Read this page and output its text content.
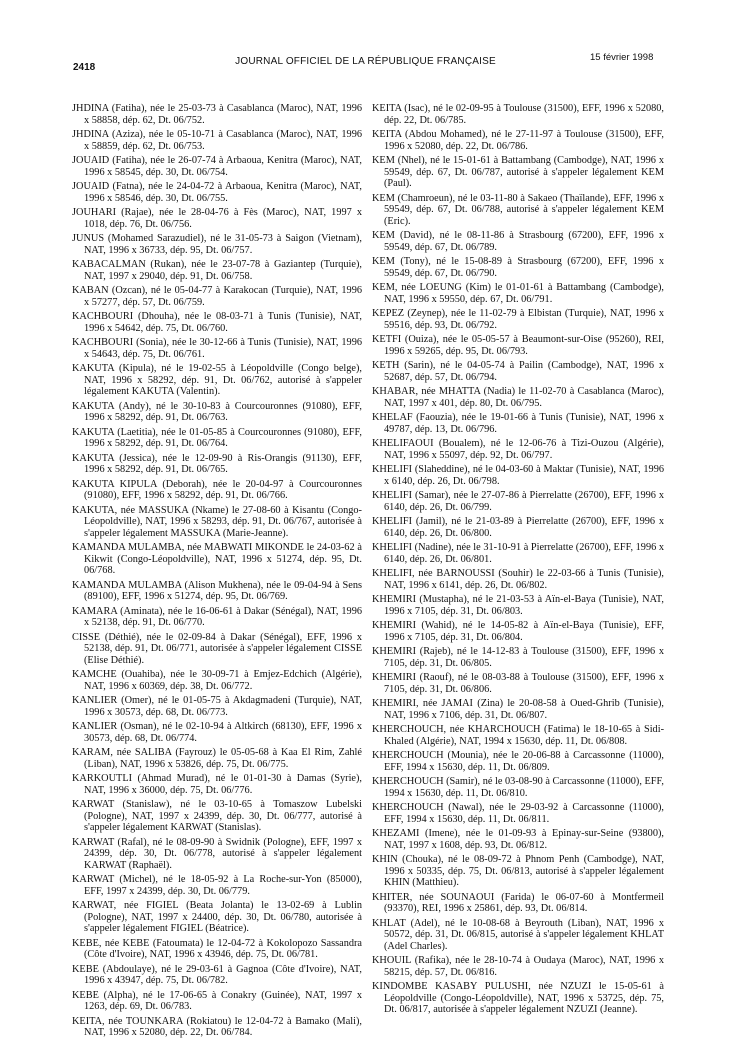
2418
JOURNAL OFFICIEL DE LA RÉPUBLIQUE FRANÇAISE	15 février 1998

JHDINA (Fatiha), née le 25-03-73 à Casablanca (Maroc), NAT, 1996 x 58858, dép. 62, Dt. 06/752.

JHDINA (Aziza), née le 05-10-71 à Casablanca (Maroc), NAT, 1996 x 58859, dép. 62, Dt. 06/753.

JOUAID (Fatiha), née le 26-07-74 à Arbaoua, Kenitra (Maroc), NAT, 1996 x 58545, dép. 30, Dt. 06/754.

JOUAID (Fatna), née le 24-04-72 à Arbaoua, Kenitra (Maroc), NAT, 1996 x 58546, dép. 30, Dt. 06/755.

JOUHARI (Rajae), née le 28-04-76 à Fès (Maroc), NAT, 1997 x 1018, dép. 76, Dt. 06/756.

JUNUS (Mohamed Sarazudiel), né le 31-05-73 à Saigon (Vietnam), NAT, 1996 x 36733, dép. 95, Dt. 06/757.

KABACALMAN (Rukan), née le 23-07-78 à Gaziantep (Turquie), NAT, 1997 x 29040, dép. 91, Dt. 06/758.

KABAN (Ozcan), né le 05-04-77 à Karakocan (Turquie), NAT, 1996 x 57277, dép. 57, Dt. 06/759.

KACHBOURI (Dhouha), née le 08-03-71 à Tunis (Tunisie), NAT, 1996 x 54642, dép. 75, Dt. 06/760.

KACHBOURI (Sonia), née le 30-12-66 à Tunis (Tunisie), NAT, 1996 x 54643, dép. 75, Dt. 06/761.

KAKUTA (Kipula), né le 19-02-55 à Léopoldville (Congo belge), NAT, 1996 x 58292, dép. 91, Dt. 06/762, autorisé à s'appeler légalement KAKUTA (Valentin).

KAKUTA (Andy), né le 30-10-83 à Courcouronnes (91080), EFF, 1996 x 58292, dép. 91, Dt. 06/763.

KAKUTA (Laetitia), née le 01-05-85 à Courcouronnes (91080), EFF, 1996 x 58292, dép. 91, Dt. 06/764.

KAKUTA (Jessica), née le 12-09-90 à Ris-Orangis (91130), EFF, 1996 x 58292, dép. 91, Dt. 06/765.

KAKUTA KIPULA (Deborah), née le 20-04-97 à Courcouronnes (91080), EFF, 1996 x 58292, dép. 91, Dt. 06/766.

KAKUTA, née MASSUKA (Nkame) le 27-08-60 à Kisantu (Congo-Léopoldville), NAT, 1996 x 58293, dép. 91, Dt. 06/767, autorisée à s'appeler légalement MASSUKA (Marie-Jeanne).

KAMANDA MULAMBA, née MABWATI MIKONDE le 24-03-62 à Kikwit (Congo-Léopoldville), NAT, 1996 x 51274, dép. 95, Dt. 06/768.

KAMANDA MULAMBA (Alison Mukhena), née le 09-04-94 à Sens (89100), EFF, 1996 x 51274, dép. 95, Dt. 06/769.

KAMARA (Aminata), née le 16-06-61 à Dakar (Sénégal), NAT, 1996 x 52138, dép. 91, Dt. 06/770.

CISSE (Déthié), née le 02-09-84 à Dakar (Sénégal), EFF, 1996 x 52138, dép. 91, Dt. 06/771, autorisée à s'appeler légalement CISSE (Elise Déthié).

KAMCHE (Ouahiba), née le 30-09-71 à Emjez-Edchich (Algérie), NAT, 1996 x 60369, dép. 38, Dt. 06/772.

KANLIER (Omer), né le 01-05-75 à Akdagmadeni (Turquie), NAT, 1996 x 30573, dép. 68, Dt. 06/773.

KANLIER (Osman), né le 02-10-94 à Altkirch (68130), EFF, 1996 x 30573, dép. 68, Dt. 06/774.

KARAM, née SALIBA (Fayrouz) le 05-05-68 à Kaa El Rim, Zahlé (Liban), NAT, 1996 x 53826, dép. 75, Dt. 06/775.

KARKOUTLI (Ahmad Murad), né le 01-01-30 à Damas (Syrie), NAT, 1996 x 36000, dép. 75, Dt. 06/776.

KARWAT (Stanislaw), né le 03-10-65 à Tomaszow Lubelski (Pologne), NAT, 1997 x 24399, dép. 30, Dt. 06/777, autorisé à s'appeler légalement KARWAT (Stanislas).

KARWAT (Rafal), né le 08-09-90 à Swidnik (Pologne), EFF, 1997 x 24399, dép. 30, Dt. 06/778, autorisé à s'appeler légalement KARWAT (Raphaël).

KARWAT (Michel), né le 18-05-92 à La Roche-sur-Yon (85000), EFF, 1997 x 24399, dép. 30, Dt. 06/779.

KARWAT, née FIGIEL (Beata Jolanta) le 13-02-69 à Lublin (Pologne), NAT, 1997 x 24400, dép. 30, Dt. 06/780, autorisée à s'appeler légalement FIGIEL (Béatrice).

KEBE, née KEBE (Fatoumata) le 12-04-72 à Kokolopozo Sassandra (Côte d'Ivoire), NAT, 1996 x 43946, dép. 75, Dt. 06/781.

KEBE (Abdoulaye), né le 29-03-61 à Gagnoa (Côte d'Ivoire), NAT, 1996 x 43947, dép. 75, Dt. 06/782.

KEBE (Alpha), né le 17-06-65 à Conakry (Guinée), NAT, 1997 x 1263, dép. 69, Dt. 06/783.

KEITA, née TOUNKARA (Rokiatou) le 12-04-72 à Bamako (Mali), NAT, 1996 x 52080, dép. 22, Dt. 06/784.

KEITA (Isac), né le 02-09-95 à Toulouse (31500), EFF, 1996 x 52080, dép. 22, Dt. 06/785.

KEITA (Abdou Mohamed), né le 27-11-97 à Toulouse (31500), EFF, 1996 x 52080, dép. 22, Dt. 06/786.

KEM (Nhel), né le 15-01-61 à Battambang (Cambodge), NAT, 1996 x 59549, dép. 67, Dt. 06/787, autorisé à s'appeler légalement KEM (Paul).

KEM (Chamroeun), né le 03-11-80 à Sakaeo (Thaïlande), EFF, 1996 x 59549, dép. 67, Dt. 06/788, autorisé à s'appeler légalement KEM (Eric).

KEM (David), né le 08-11-86 à Strasbourg (67200), EFF, 1996 x 59549, dép. 67, Dt. 06/789.

KEM (Tony), né le 15-08-89 à Strasbourg (67200), EFF, 1996 x 59549, dép. 67, Dt. 06/790.

KEM, née LOEUNG (Kim) le 01-01-61 à Battambang (Cambodge), NAT, 1996 x 59550, dép. 67, Dt. 06/791.

KEPEZ (Zeynep), née le 11-02-79 à Elbistan (Turquie), NAT, 1996 x 59516, dép. 93, Dt. 06/792.

KETFI (Ouiza), née le 05-05-57 à Beaumont-sur-Oise (95260), REI, 1996 x 59265, dép. 95, Dt. 06/793.

KETH (Sarin), né le 04-05-74 à Pailin (Cambodge), NAT, 1996 x 52687, dép. 57, Dt. 06/794.

KHABAR, née MHATTA (Nadia) le 11-02-70 à Casablanca (Maroc), NAT, 1997 x 401, dép. 80, Dt. 06/795.

KHELAF (Faouzia), née le 19-01-66 à Tunis (Tunisie), NAT, 1996 x 49787, dép. 13, Dt. 06/796.

KHELIFAOUI (Boualem), né le 12-06-76 à Tizi-Ouzou (Algérie), NAT, 1996 x 55097, dép. 92, Dt. 06/797.

KHELIFI (Slaheddine), né le 04-03-60 à Maktar (Tunisie), NAT, 1996 x 6140, dép. 26, Dt. 06/798.

KHELIFI (Samar), née le 27-07-86 à Pierrelatte (26700), EFF, 1996 x 6140, dép. 26, Dt. 06/799.

KHELIFI (Jamil), né le 21-03-89 à Pierrelatte (26700), EFF, 1996 x 6140, dép. 26, Dt. 06/800.

KHELIFI (Nadine), née le 31-10-91 à Pierrelatte (26700), EFF, 1996 x 6140, dép. 26, Dt. 06/801.

KHELIFI, née BARNOUSSI (Souhir) le 22-03-66 à Tunis (Tunisie), NAT, 1996 x 6141, dép. 26, Dt. 06/802.

KHEMIRI (Mustapha), né le 21-03-53 à Aïn-el-Baya (Tunisie), NAT, 1996 x 7105, dép. 31, Dt. 06/803.

KHEMIRI (Wahid), né le 14-05-82 à Aïn-el-Baya (Tunisie), EFF, 1996 x 7105, dép. 31, Dt. 06/804.

KHEMIRI (Rajeb), né le 14-12-83 à Toulouse (31500), EFF, 1996 x 7105, dép. 31, Dt. 06/805.

KHEMIRI (Raouf), né le 08-03-88 à Toulouse (31500), EFF, 1996 x 7105, dép. 31, Dt. 06/806.

KHEMIRI, née JAMAI (Zina) le 20-08-58 à Oued-Ghrib (Tunisie), NAT, 1996 x 7106, dép. 31, Dt. 06/807.

KHERCHOUCH, née KHARCHOUCH (Fatima) le 18-10-65 à Sidi-Khaled (Algérie), NAT, 1994 x 15630, dép. 11, Dt. 06/808.

KHERCHOUCH (Mounia), née le 20-06-88 à Carcassonne (11000), EFF, 1994 x 15630, dép. 11, Dt. 06/809.

KHERCHOUCH (Samir), né le 03-08-90 à Carcassonne (11000), EFF, 1994 x 15630, dép. 11, Dt. 06/810.

KHERCHOUCH (Nawal), née le 29-03-92 à Carcassonne (11000), EFF, 1994 x 15630, dép. 11, Dt. 06/811.

KHEZAMI (Imene), née le 01-09-93 à Epinay-sur-Seine (93800), NAT, 1997 x 1608, dép. 93, Dt. 06/812.

KHIN (Chouka), né le 08-09-72 à Phnom Penh (Cambodge), NAT, 1996 x 50335, dép. 75, Dt. 06/813, autorisé à s'appeler légalement KHIN (Matthieu).

KHITER, née SOUNAOUI (Farida) le 06-07-60 à Montfermeil (93370), REI, 1996 x 25861, dép. 93, Dt. 06/814.

KHLAT (Adel), né le 10-08-68 à Beyrouth (Liban), NAT, 1996 x 50572, dép. 31, Dt. 06/815, autorisé à s'appeler légalement KHLAT (Adel Charles).

KHOUIL (Rafika), née le 28-10-74 à Oudaya (Maroc), NAT, 1996 x 58215, dép. 57, Dt. 06/816.

KINDOMBE KASABY PULUSHI, née NZUZI le 15-05-61 à Léopoldville (Congo-Léopoldville), NAT, 1996 x 53725, dép. 75, Dt. 06/817, autorisée à s'appeler légalement NZUZI (Jeanne).
